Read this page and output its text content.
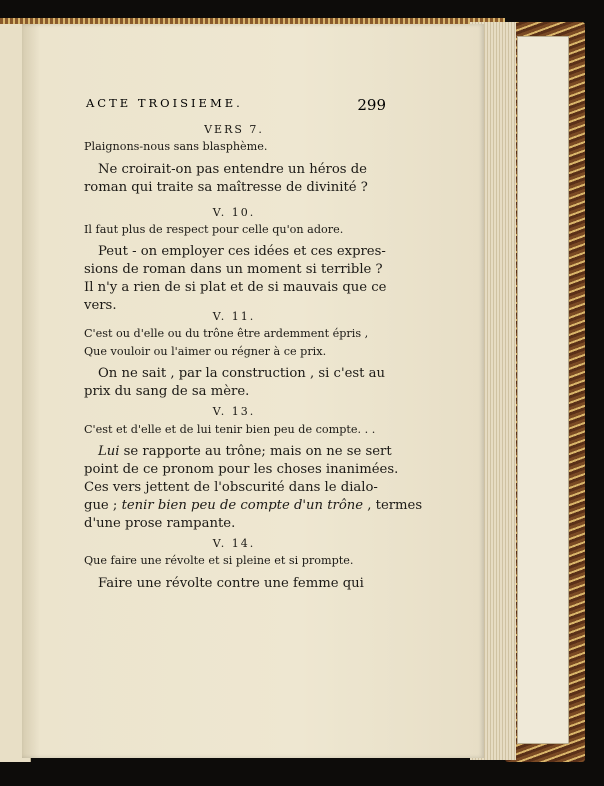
ACTE TROISIEME.	299
VERS 7.
Plaignons-nous sans blasphème.
Ne croirait-on pas entendre un héros de
roman qui traite sa maîtresse de divinité ?
V. 10.
Il faut plus de respect pour celle qu'on adore.
Peut - on employer ces idées et ces expres-
sions de roman dans un moment si terrible ?
Il n'y a rien de si plat et de si mauvais que ce
vers.
V. 11.
C'est ou d'elle ou du trône être ardemment épris ,
Que vouloir ou l'aimer ou régner à ce prix.
On ne sait , par la construction , si c'est au
prix du sang de sa mère.
V. 13.
C'est et d'elle et de lui tenir bien peu de compte. . .
Lui se rapporte au trône; mais on ne se sert
point de ce pronom pour les choses inanimées.
Ces vers jettent de l'obscurité dans le dialo-
gue ; tenir bien peu de compte d'un trône , termes
d'une prose rampante.
V. 14.
Que faire une révolte et si pleine et si prompte.
Faire une révolte contre une femme qui
